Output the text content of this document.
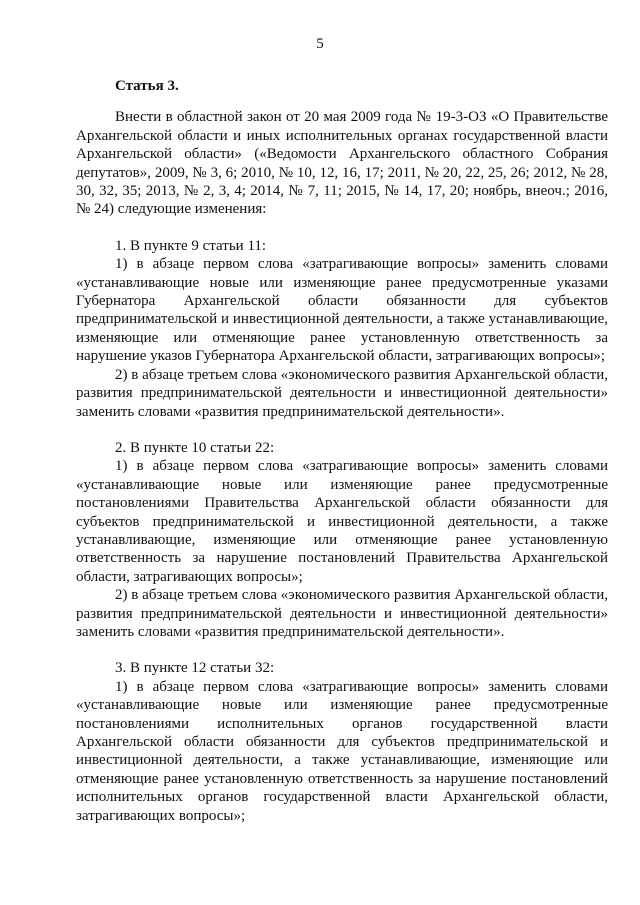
5

Статья 3.

Внести в областной закон от 20 мая 2009 года № 19-3-ОЗ «О Правительстве Архангельской области и иных исполнительных органах государственной власти Архангельской области» («Ведомости Архангельского областного Собрания депутатов», 2009, № 3, 6; 2010, № 10, 12, 16, 17; 2011, № 20, 22, 25, 26; 2012, № 28, 30, 32, 35; 2013, № 2, 3, 4; 2014, № 7, 11; 2015, № 14, 17, 20; ноябрь, внеоч.; 2016, № 24) следующие изменения:

1. В пункте 9 статьи 11:

1) в абзаце первом слова «затрагивающие вопросы» заменить словами «устанавливающие новые или изменяющие ранее предусмотренные указами Губернатора Архангельской области обязанности для субъектов предпринимательской и инвестиционной деятельности, а также устанавливающие, изменяющие или отменяющие ранее установленную ответственность за нарушение указов Губернатора Архангельской области, затрагивающих вопросы»;

2) в абзаце третьем слова «экономического развития Архангельской области, развития предпринимательской деятельности и инвестиционной деятельности» заменить словами «развития предпринимательской деятельности».

2. В пункте 10 статьи 22:

1) в абзаце первом слова «затрагивающие вопросы» заменить словами «устанавливающие новые или изменяющие ранее предусмотренные постановлениями Правительства Архангельской области обязанности для субъектов предпринимательской и инвестиционной деятельности, а также устанавливающие, изменяющие или отменяющие ранее установленную ответственность за нарушение постановлений Правительства Архангельской области, затрагивающих вопросы»;

2) в абзаце третьем слова «экономического развития Архангельской области, развития предпринимательской деятельности и инвестиционной деятельности» заменить словами «развития предпринимательской деятельности».

3. В пункте 12 статьи 32:

1) в абзаце первом слова «затрагивающие вопросы» заменить словами «устанавливающие новые или изменяющие ранее предусмотренные постановлениями исполнительных органов государственной власти Архангельской области обязанности для субъектов предпринимательской и инвестиционной деятельности, а также устанавливающие, изменяющие или отменяющие ранее установленную ответственность за нарушение постановлений исполнительных органов государственной власти Архангельской области, затрагивающих вопросы»;
